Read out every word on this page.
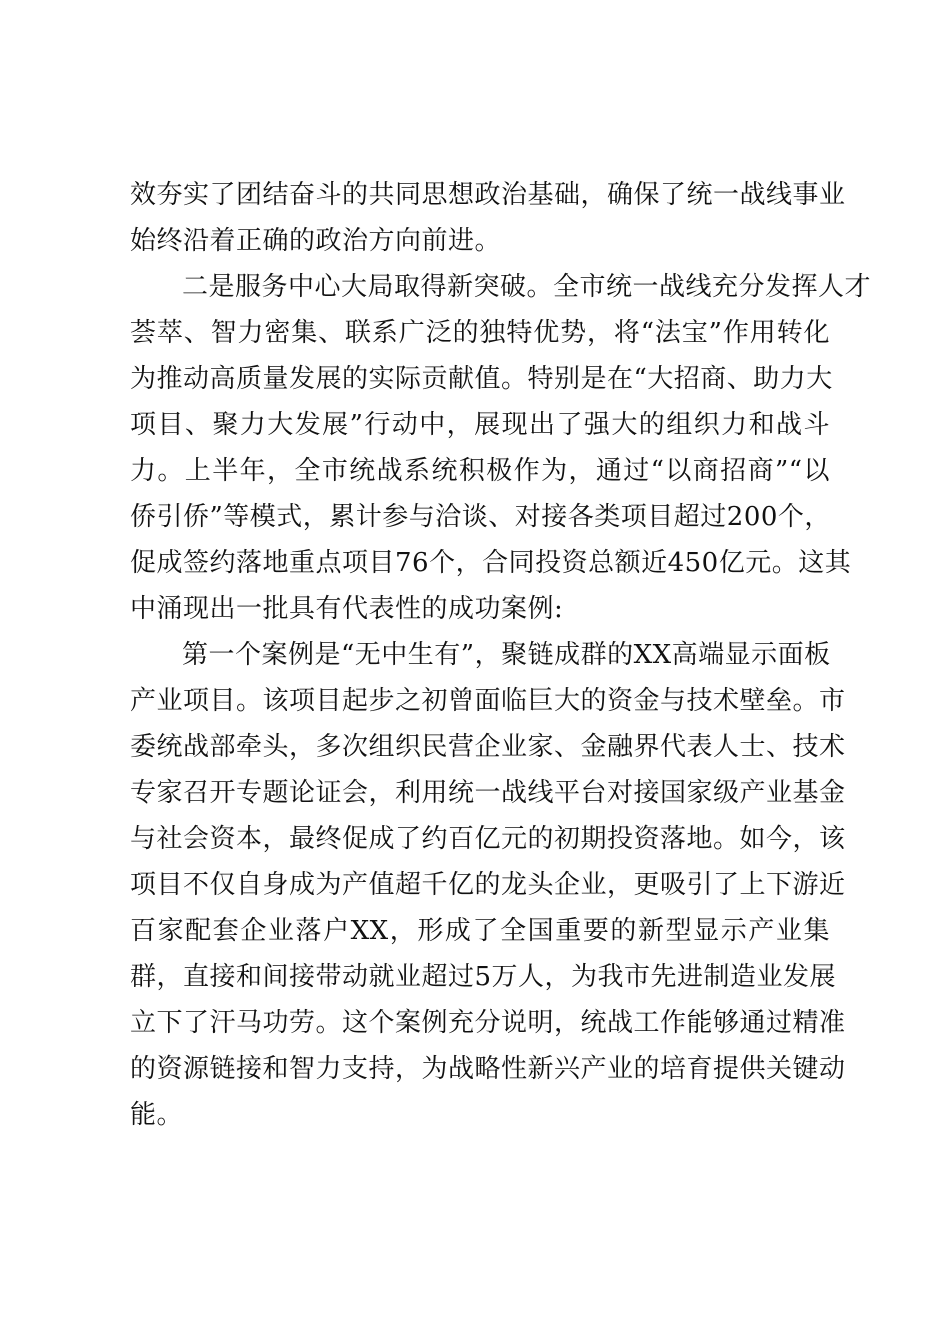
效夯实了团结奋斗的共同思想政治基础，确保了统一战线事业
始终沿着正确的政治方向前进。
二是服务中心大局取得新突破。全市统一战线充分发挥人才
荟萃、智力密集、联系广泛的独特优势，将“法宝”作用转化
为推动高质量发展的实际贡献值。特别是在“大招商、助力大
项目、聚力大发展”行动中，展现出了强大的组织力和战斗
力。上半年，全市统战系统积极作为，通过“以商招商”“以
侨引侨”等模式，累计参与洽谈、对接各类项目超过200个，
促成签约落地重点项目76个，合同投资总额近450亿元。这其
中涌现出一批具有代表性的成功案例:
第一个案例是“无中生有”，聚链成群的XX高端显示面板
产业项目。该项目起步之初曾面临巨大的资金与技术壁垒。市
委统战部牵头，多次组织民营企业家、金融界代表人士、技术
专家召开专题论证会，利用统一战线平台对接国家级产业基金
与社会资本，最终促成了约百亿元的初期投资落地。如今，该
项目不仅自身成为产值超千亿的龙头企业，更吸引了上下游近
百家配套企业落户XX，形成了全国重要的新型显示产业集
群，直接和间接带动就业超过5万人，为我市先进制造业发展
立下了汗马功劳。这个案例充分说明，统战工作能够通过精准
的资源链接和智力支持，为战略性新兴产业的培育提供关键动
能。
